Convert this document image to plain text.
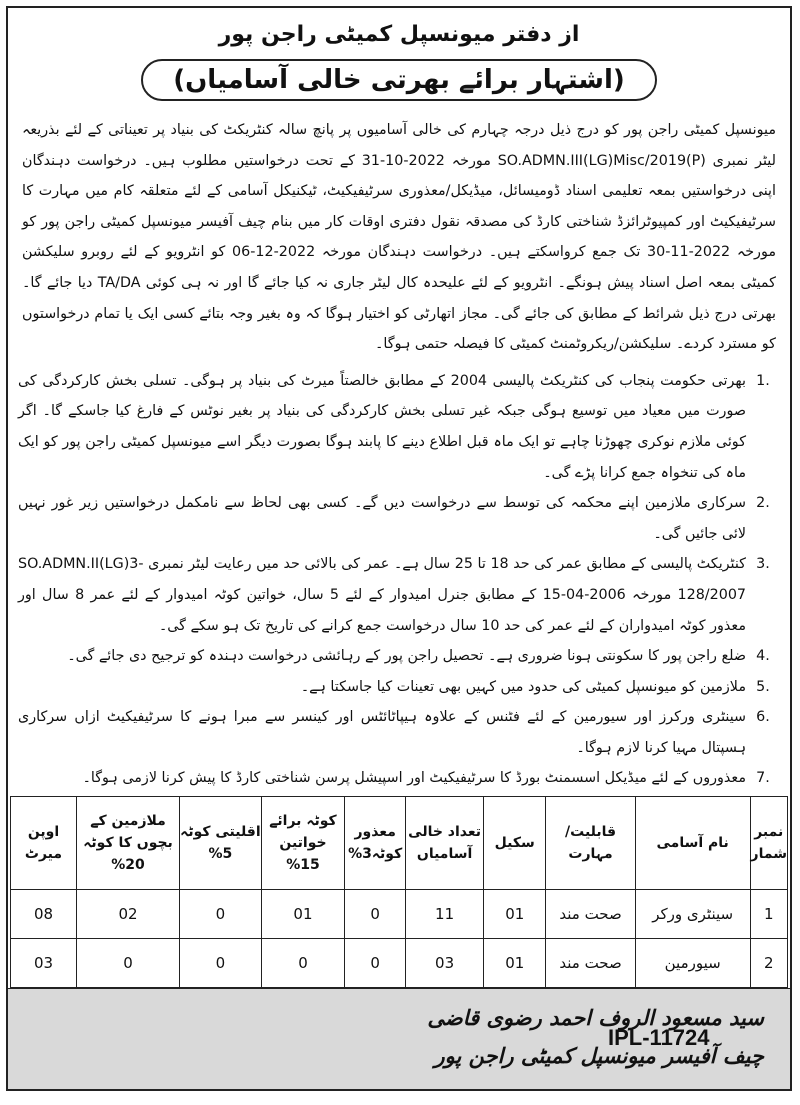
از دفتر میونسپل کمیٹی راجن پور
(اشتہار برائے بھرتی خالی آسامیاں)
میونسپل کمیٹی راجن پور کو درج ذیل درجہ چہارم کی خالی آسامیوں پر پانچ سالہ کنٹریکٹ کی بنیاد پر تعیناتی کے لئے بذریعہ لیٹر نمبری SO.ADMN.III(LG)Misc/2019(P) مورخہ 2022-10-31 کے تحت درخواستیں مطلوب ہیں۔ درخواست دہندگان اپنی درخواستیں بمعہ تعلیمی اسناد ڈومیسائل، میڈیکل/معذوری سرٹیفیکیٹ، ٹیکنیکل آسامی کے لئے متعلقہ کام میں مہارت کا سرٹیفیکیٹ اور کمپیوٹرائزڈ شناختی کارڈ کی مصدقہ نقول دفتری اوقات کار میں بنام چیف آفیسر میونسپل کمیٹی راجن پور کو مورخہ 2022-11-30 تک جمع کرواسکتے ہیں۔ درخواست دہندگان مورخہ 2022-12-06 کو انٹرویو کے لئے روبرو سلیکشن کمیٹی بمعہ اصل اسناد پیش ہونگے۔ انٹرویو کے لئے علیحدہ کال لیٹر جاری نہ کیا جائے گا اور نہ ہی کوئی TA/DA دیا جائے گا۔ بھرتی درج ذیل شرائط کے مطابق کی جائے گی۔ مجاز اتھارٹی کو اختیار ہوگا کہ وہ بغیر وجہ بتائے کسی ایک یا تمام درخواستوں کو مسترد کردے۔ سلیکشن/ریکروٹمنٹ کمیٹی کا فیصلہ حتمی ہوگا۔
1.
بھرتی حکومت پنجاب کی کنٹریکٹ پالیسی 2004 کے مطابق خالصتاً میرٹ کی بنیاد پر ہوگی۔ تسلی بخش کارکردگی کی صورت میں معیاد میں توسیع ہوگی جبکہ غیر تسلی بخش کارکردگی کی بنیاد پر بغیر نوٹس کے فارغ کیا جاسکے گا۔ اگر کوئی ملازم نوکری چھوڑنا چاہے تو ایک ماہ قبل اطلاع دینے کا پابند ہوگا بصورت دیگر اسے میونسپل کمیٹی راجن پور کو ایک ماہ کی تنخواہ جمع کرانا پڑے گی۔
2.
سرکاری ملازمین اپنے محکمہ کی توسط سے درخواست دیں گے۔ کسی بھی لحاظ سے نامکمل درخواستیں زیر غور نہیں لائی جائیں گی۔
3.
کنٹریکٹ پالیسی کے مطابق عمر کی حد 18 تا 25 سال ہے۔ عمر کی بالائی حد میں رعایت لیٹر نمبری SO.ADMN.II(LG)3-128/2007 مورخہ 2006-04-15 کے مطابق جنرل امیدوار کے لئے 5 سال، خواتین کوٹہ امیدوار کے لئے عمر 8 سال اور معذور کوٹہ امیدواران کے لئے عمر کی حد 10 سال درخواست جمع کرانے کی تاریخ تک ہو سکے گی۔
4.
ضلع راجن پور کا سکونتی ہونا ضروری ہے۔ تحصیل راجن پور کے رہائشی درخواست دہندہ کو ترجیح دی جائے گی۔
5.
ملازمین کو میونسپل کمیٹی کی حدود میں کہیں بھی تعینات کیا جاسکتا ہے۔
6.
سینٹری ورکرز اور سیورمین کے لئے فٹنس کے علاوہ ہیپاٹائٹس اور کینسر سے مبرا ہونے کا سرٹیفیکیٹ ازاں سرکاری ہسپتال مہیا کرنا لازم ہوگا۔
7.
معذوروں کے لئے میڈیکل اسسمنٹ بورڈ کا سرٹیفیکیٹ اور اسپیشل پرسن شناختی کارڈ کا پیش کرنا لازمی ہوگا۔
نمبر شمار	نام آسامی	قابلیت/مہارت	سکیل	تعداد خالی آسامیاں	معذور کوٹہ3%	کوٹہ برائے خواتین 15%	اقلیتی کوٹہ 5%	ملازمین کے بچوں کا کوٹہ 20%	اوپن میرٹ
1	سینٹری ورکر	صحت مند	01	11	0	01	0	02	08
2	سیورمین	صحت مند	01	03	0	0	0	0	03
سید مسعود الروف احمد رضوی قاضی
چیف آفیسر میونسپل کمیٹی راجن پور
IPL-11724
